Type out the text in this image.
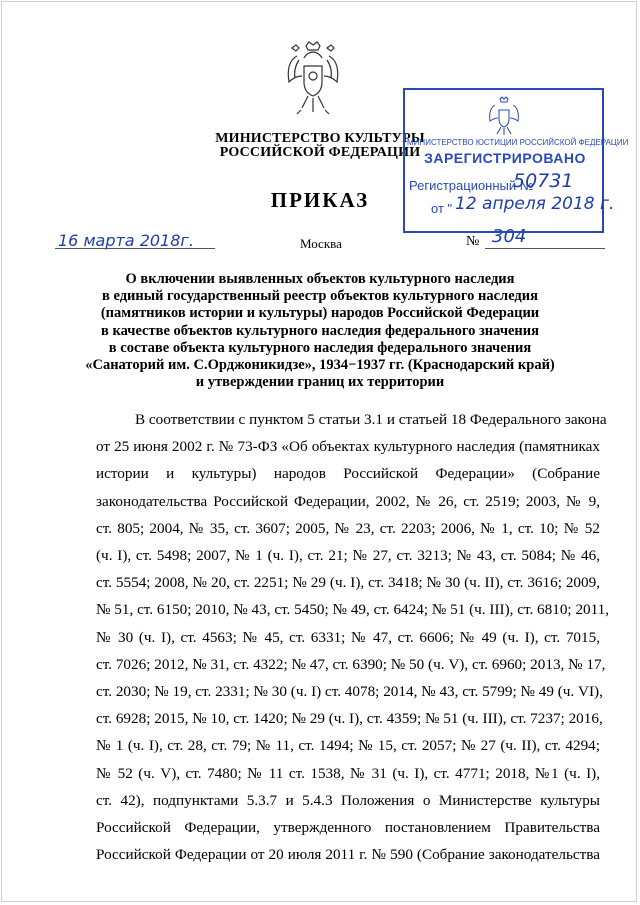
МИНИСТЕРСТВО КУЛЬТУРЫ
РОССИЙСКОЙ ФЕДЕРАЦИИ
ПРИКАЗ
16 марта 2018г.	Москва	№ 304
МИНИСТЕРСТВО ЮСТИЦИИ РОССИЙСКОЙ ФЕДЕРАЦИИ
ЗАРЕГИСТРИРОВАНО
Регистрационный №
50731
от " 12 апреля 2018 г.
О включении выявленных объектов культурного наследия
в единый государственный реестр объектов культурного наследия
(памятников истории и культуры) народов Российской Федерации
в качестве объектов культурного наследия федерального значения
в составе объекта культурного наследия федерального значения
«Санаторий им. С.Орджоникидзе», 1934−1937 гг. (Краснодарский край)
и утверждении границ их территории
В соответствии с пунктом 5 статьи 3.1 и статьей 18 Федерального закона
от 25 июня 2002 г. № 73-ФЗ «Об объектах культурного наследия (памятниках
истории и культуры) народов Российской Федерации» (Собрание
законодательства Российской Федерации, 2002, № 26, ст. 2519; 2003, № 9,
ст. 805; 2004, № 35, ст. 3607; 2005, № 23, ст. 2203; 2006, № 1, ст. 10; № 52
(ч. I), ст. 5498; 2007, № 1 (ч. I), ст. 21; № 27, ст. 3213; № 43, ст. 5084; № 46,
ст. 5554; 2008, № 20, ст. 2251; № 29 (ч. I), ст. 3418; № 30 (ч. II), ст. 3616; 2009,
№ 51, ст. 6150; 2010, № 43, ст. 5450; № 49, ст. 6424; № 51 (ч. III), ст. 6810; 2011,
№ 30 (ч. I), ст. 4563; № 45, ст. 6331; № 47, ст. 6606; № 49 (ч. I), ст. 7015,
ст. 7026; 2012, № 31, ст. 4322; № 47, ст. 6390; № 50 (ч. V), ст. 6960; 2013, № 17,
ст. 2030; № 19, ст. 2331; № 30 (ч. I) ст. 4078; 2014, № 43, ст. 5799; № 49 (ч. VI),
ст. 6928; 2015, № 10, ст. 1420; № 29 (ч. I), ст. 4359; № 51 (ч. III), ст. 7237; 2016,
№ 1 (ч. I), ст. 28, ст. 79; № 11, ст. 1494; № 15, ст. 2057; № 27 (ч. II), ст. 4294;
№ 52 (ч. V), ст. 7480; № 11 ст. 1538, № 31 (ч. I), ст. 4771; 2018, №1 (ч. I),
ст. 42), подпунктами 5.3.7 и 5.4.3 Положения о Министерстве культуры
Российской Федерации, утвержденного постановлением Правительства
Российской Федерации от 20 июля 2011 г. № 590 (Собрание законодательства
